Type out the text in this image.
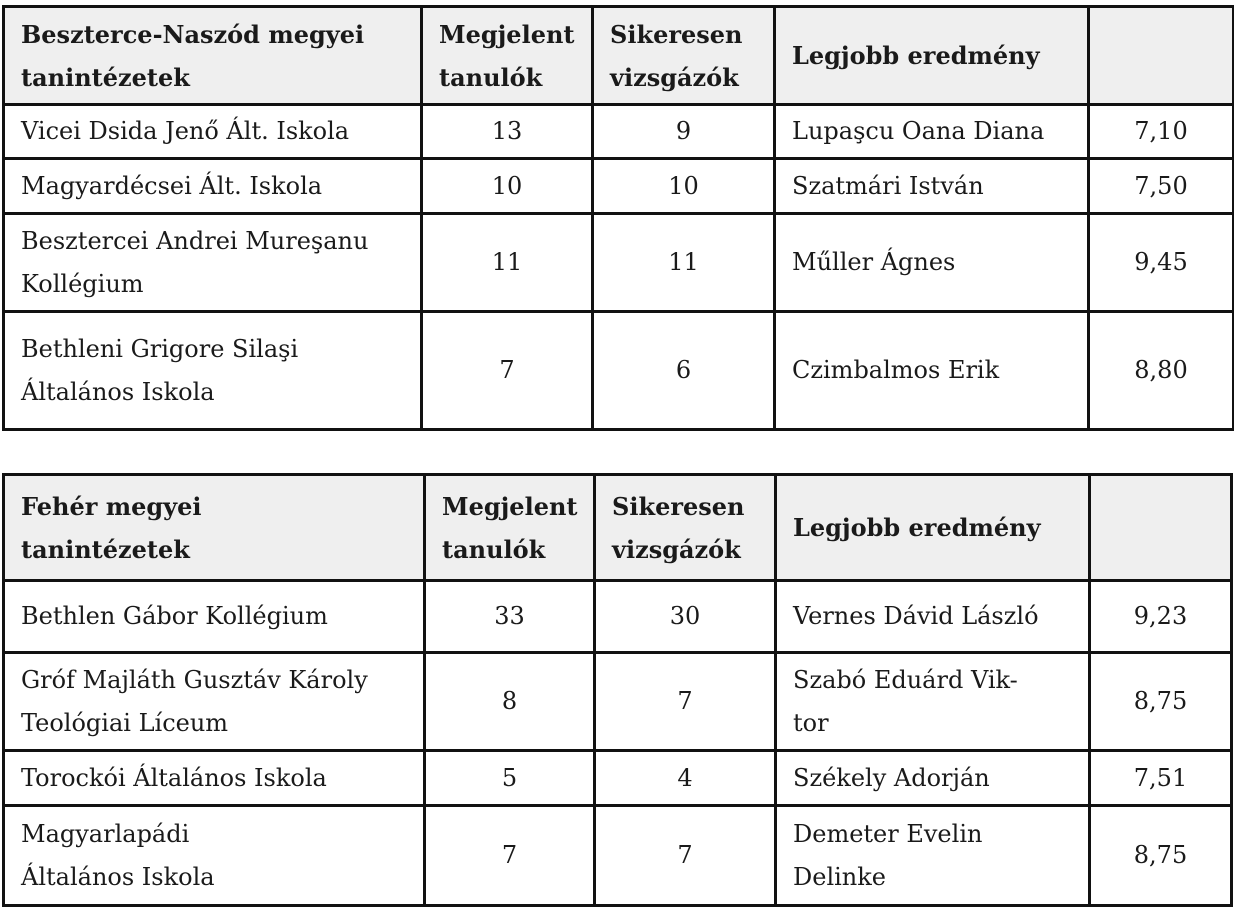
Beszterce-Naszód megyei tanintézetek	Megjelent tanulók	Sikeresen vizsgázók	Legjobb eredmény	
Vicei Dsida Jenő Ált. Iskola	13	9	Lupaşcu Oana Diana	7,10
Magyardécsei Ált. Iskola	10	10	Szatmári István	7,50
Besztercei Andrei Mureşanu Kollégium	11	11	Műller Ágnes	9,45
Bethleni Grigore Silaşi Általános Iskola	7	6	Czimbalmos Erik	8,80
Fehér megyei tanintézetek	Megjelent tanulók	Sikeresen vizsgázók	Legjobb eredmény	
Bethlen Gábor Kollégium	33	30	Vernes Dávid László	9,23
Gróf Majláth Gusztáv Károly Teológiai Líceum	8	7	Szabó Eduárd Vik-tor	8,75
Torockói Általános Iskola	5	4	Székely Adorján	7,51
Magyarlapádi Általános Iskola	7	7	Demeter Evelin Delinke	8,75
